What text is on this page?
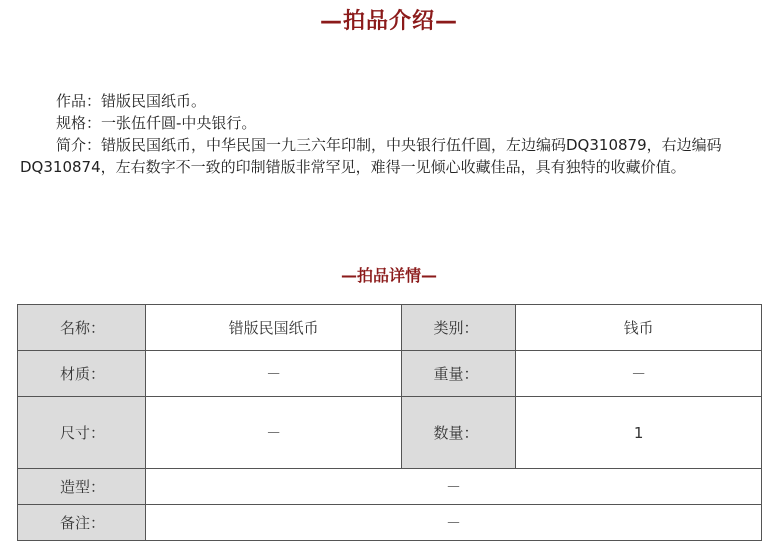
—拍品介绍—

作品：错版民国纸币。

规格：一张伍仟圓-中央银行。

简介：错版民国纸币，中华民国一九三六年印制，中央银行伍仟圓，左边编码DQ310879，右边编码DQ310874，左右数字不一致的印制错版非常罕见，难得一见倾心收藏佳品，具有独特的收藏价值。

—拍品详情—
名称：	错版民国纸币	类别：	钱币
材质：	－	重量：	－
尺寸：	－	数量：	1
造型：	－		
备注：	－		
